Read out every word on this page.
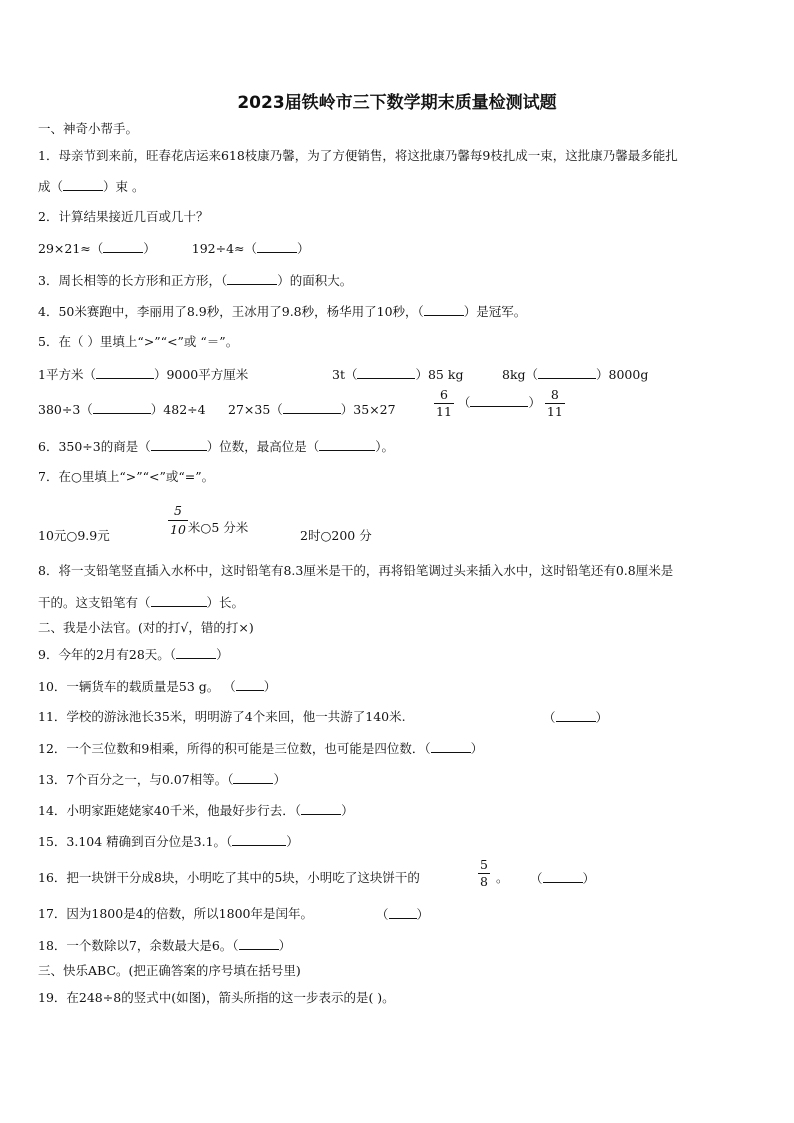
2023届铁岭市三下数学期末质量检测试题
一、神奇小帮手。
1．母亲节到来前，旺春花店运来618枝康乃馨，为了方便销售，将这批康乃馨每9枝扎成一束，这批康乃馨最多能扎
成（	）束 。
2．计算结果接近几百或几十？
29×21≈（	）	192÷4≈（	）
3．周长相等的长方形和正方形，（	）的面积大。
4．50米赛跑中，李丽用了8.9秒，王冰用了9.8秒，杨华用了10秒，（	）是冠军。
5．在（ ）里填上“>”“<”或 “＝”。
1平方米（	）9000平方厘米	3t（	）85 kg	8kg（	）8000g
380÷3（	）482÷4 27×35（	）35×27	$\frac{6}{11}$ （	） $\frac{8}{11}$
6．350÷3的商是（	）位数，最高位是（	）。
7．在○里填上“>”“<”或“=”。
10元○9.9元	$\frac{5}{10}$ 米○5 分米
2时○200 分
8．将一支铅笔竖直插入水杯中，这时铅笔有8.3厘米是干的，再将铅笔调过头来插入水中，这时铅笔还有0.8厘米是
干的。这支铅笔有（	）长。
二、我是小法官。(对的打√，错的打×)
9．今年的2月有28天。（	）
10．一辆货车的载质量是53 g。 （ ）
11．学校的游泳池长35米，明明游了4个来回，他一共游了140米.	（	）
12．一个三位数和9相乘，所得的积可能是三位数，也可能是四位数．（	）
13．7个百分之一，与0.07相等。（	）
14．小明家距姥姥家40千米，他最好步行去．（	）
15．3.104 精确到百分位是3.1。（	）
16．把一块饼干分成8块，小明吃了其中的5块，小明吃了这块饼干的	$\frac{5}{8}$ 。 （	）
17．因为1800是4的倍数，所以1800年是闰年。	（ ）
18．一个数除以7，余数最大是6。（	）
三、快乐ABC。(把正确答案的序号填在括号里)
19．在248÷8的竖式中(如图)，箭头所指的这一步表示的是( )。
